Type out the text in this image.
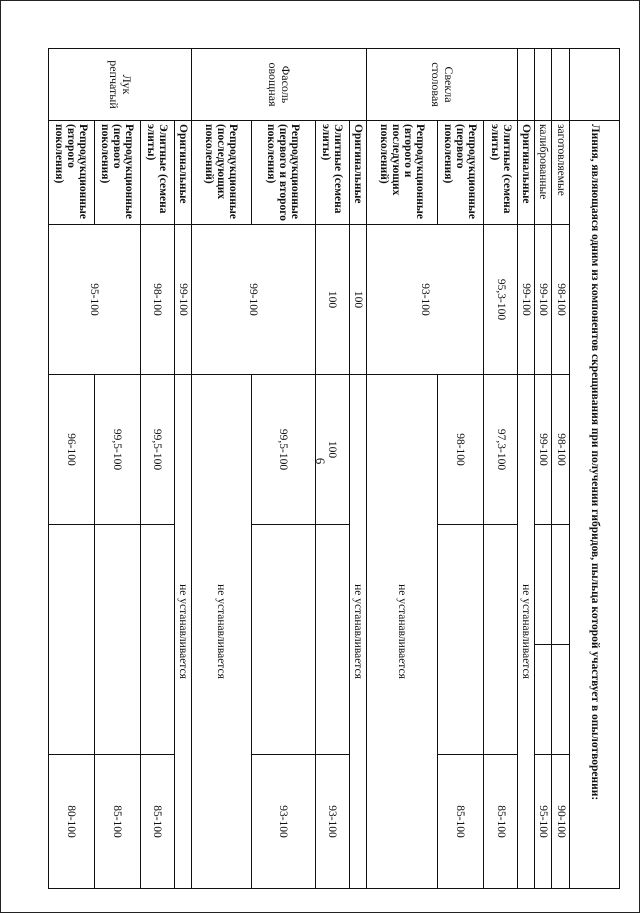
6
		Линия, являющаяся одним из компонентов скрещивания при получении гибридов, пыльца которой участвует в опылотворении:					
	заготовляемые	98-100	98-100			90-100
	калиброванные	99-100	99-100			95-100
	Оригинальные	99-100	не устанавливается			
Свекла столовая	Элитные (семена элиты)	95,3-100	97,3-100			85-100
	Репродукционные (первого поколения)	93-100	98-100			85-100
	Репродукционные (второго и последующих поколений)		не устанавливается			
Фасоль овощная	Оригинальные	100	не устанавливается			
	Элитные (семена элиты)	100	100			93-100
	Репродукционные (первого и второго поколения)	99-100	99,5-100			93-100
	Репродукционные (последующих поколений)		не устанавливается			
Лук репчатый	Оригинальные	99-100	не устанавливается			
	Элитные (семена элиты)	98-100	99,5-100			85-100
	Репродукционные (первого поколения)	95-100	99,5-100			85-100
	Репродукционные (второго поколения)		96-100			80-100
